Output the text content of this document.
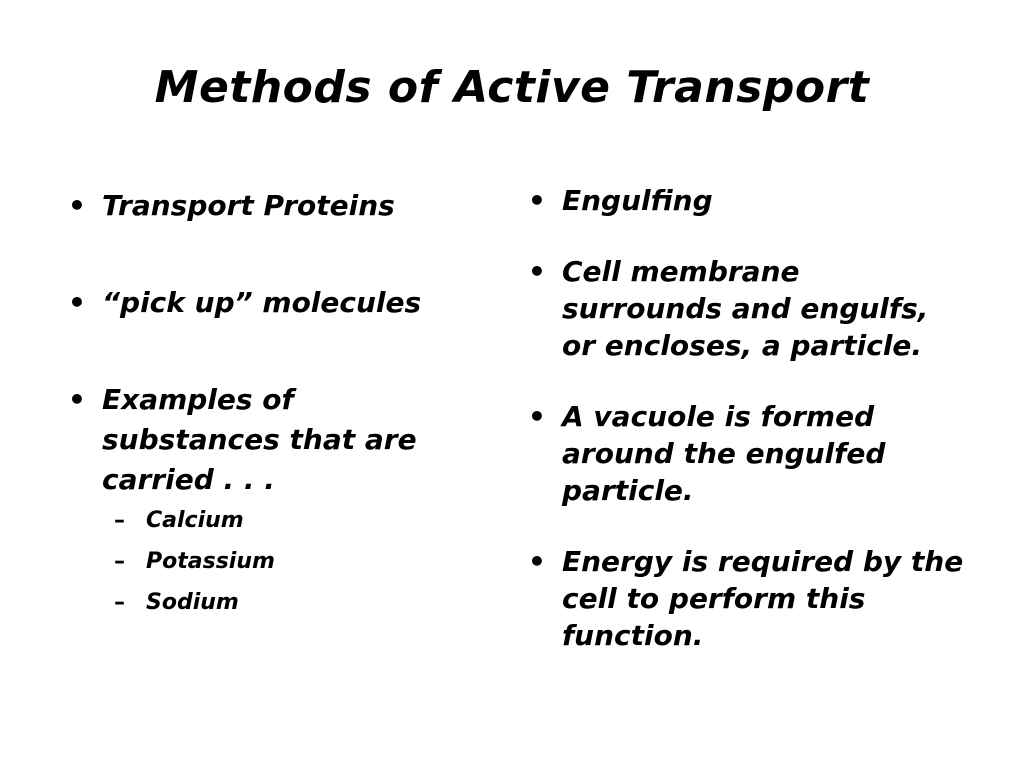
Methods of Active Transport
• Transport Proteins
• “pick up” molecules
• Examples of substances that are carried . . .
– Calcium
– Potassium
– Sodium
• Engulfing
• Cell membrane surrounds and engulfs, or encloses, a particle.
• A vacuole is formed around the engulfed particle.
• Energy is required by the cell to perform this function.
